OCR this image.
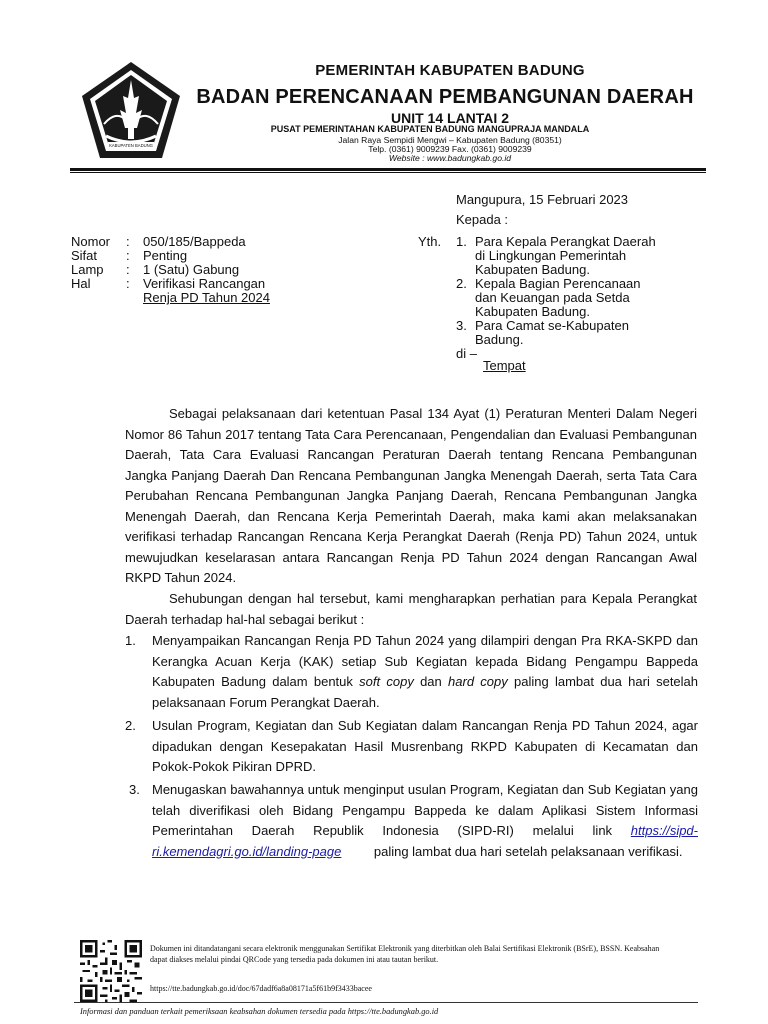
KABUPATEN BADUNG
PEMERINTAH KABUPATEN BADUNG
BADAN PERENCANAAN PEMBANGUNAN DAERAH
UNIT 14 LANTAI 2
PUSAT PEMERINTAHAN KABUPATEN BADUNG MANGUPRAJA MANDALA
Jalan Raya Sempidi Mengwi – Kabupaten Badung (80351)
Telp. (0361) 9009239 Fax. (0361) 9009239
Website : www.badungkab.go.id
Mangupura, 15 Februari 2023
Kepada :
Nomor	: 050/185/Bappeda
Sifat	: Penting
Lamp	: 1 (Satu) Gabung
Hal	: Verifikasi Rancangan
Renja PD Tahun 2024
Yth. 1. Para Kepala Perangkat Daerah
di Lingkungan Pemerintah
Kabupaten Badung.
2. Kepala Bagian Perencanaan
dan Keuangan pada Setda
Kabupaten Badung.
3. Para Camat se-Kabupaten
Badung.
di –
Tempat
Sebagai pelaksanaan dari ketentuan Pasal 134 Ayat (1) Peraturan Menteri Dalam Negeri Nomor 86 Tahun 2017 tentang Tata Cara Perencanaan, Pengendalian dan Evaluasi Pembangunan Daerah, Tata Cara Evaluasi Rancangan Peraturan Daerah tentang Rencana Pembangunan Jangka Panjang Daerah Dan Rencana Pembangunan Jangka Menengah Daerah, serta Tata Cara Perubahan Rencana Pembangunan Jangka Panjang Daerah, Rencana Pembangunan Jangka Menengah Daerah, dan Rencana Kerja Pemerintah Daerah, maka kami akan melaksanakan verifikasi terhadap Rancangan Rencana Kerja Perangkat Daerah (Renja PD) Tahun 2024, untuk mewujudkan keselarasan antara Rancangan Renja PD Tahun 2024 dengan Rancangan Awal RKPD Tahun 2024.
Sehubungan dengan hal tersebut, kami mengharapkan perhatian para Kepala Perangkat Daerah terhadap hal-hal sebagai berikut :
1. Menyampaikan Rancangan Renja PD Tahun 2024 yang dilampiri dengan Pra RKA-SKPD dan Kerangka Acuan Kerja (KAK) setiap Sub Kegiatan kepada Bidang Pengampu Bappeda Kabupaten Badung dalam bentuk soft copy dan hard copy paling lambat dua hari setelah pelaksanaan Forum Perangkat Daerah.
2. Usulan Program, Kegiatan dan Sub Kegiatan dalam Rancangan Renja PD Tahun 2024, agar dipadukan dengan Kesepakatan Hasil Musrenbang RKPD Kabupaten di Kecamatan dan Pokok-Pokok Pikiran DPRD.
3. Menugaskan bawahannya untuk menginput usulan Program, Kegiatan dan Sub Kegiatan yang telah diverifikasi oleh Bidang Pengampu Bappeda ke dalam Aplikasi Sistem Informasi Pemerintahan Daerah Republik Indonesia (SIPD-RI) melalui link https://sipd-ri.kemendagri.go.id/landing-page         paling lambat dua hari setelah pelaksanaan verifikasi.
Dokumen ini ditandatangani secara elektronik menggunakan Sertifikat Elektronik yang diterbitkan oleh Balai Sertifikasi Elektronik (BSrE), BSSN. Keabsahan dapat diakses melalui pindai QRCode yang tersedia pada dokumen ini atau tautan berikut.
https://tte.badungkab.go.id/doc/67dadf6a8a08171a5f61b9f3433bacee
Informasi dan panduan terkait pemeriksaan keabsahan dokumen tersedia pada https://tte.badungkab.go.id
